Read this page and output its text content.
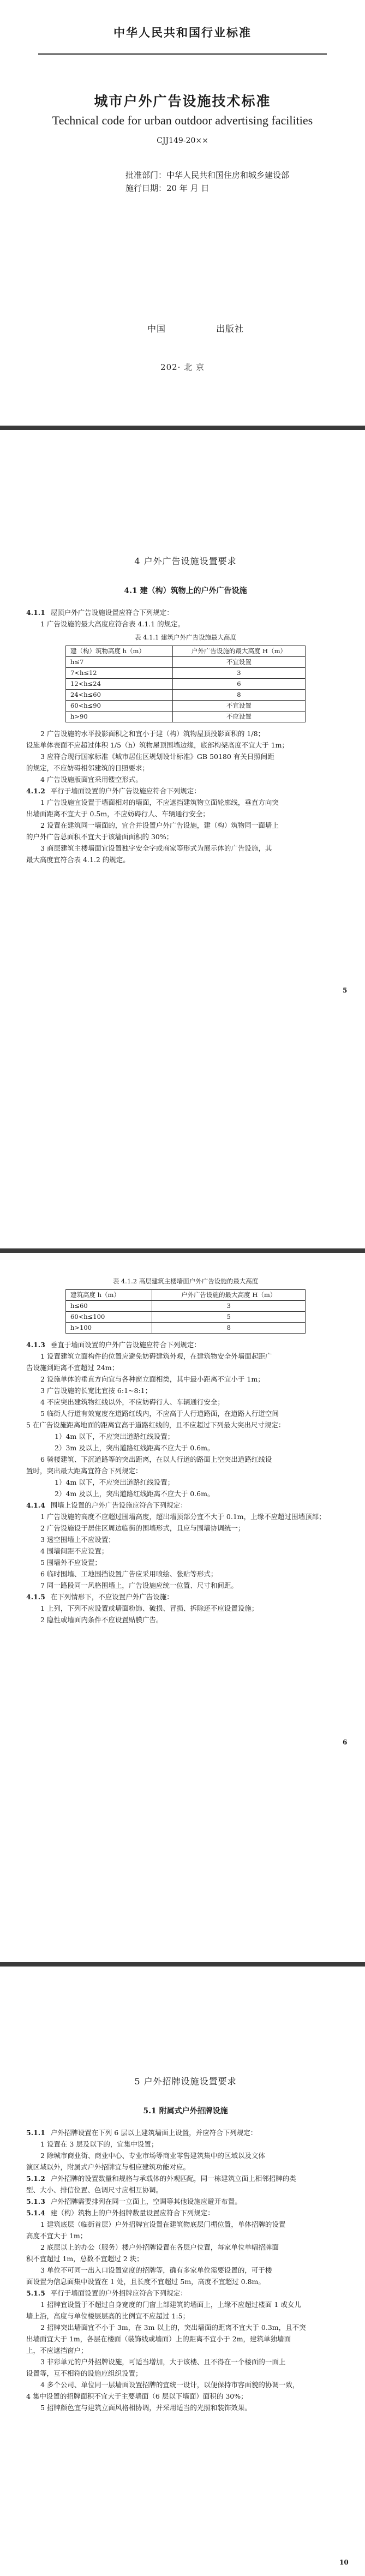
中华人民共和国行业标准
城市户外广告设施技术标准
Technical code for urban outdoor advertising facilities
CJJ149-20××
批准部门：中华人民共和国住房和城乡建设部
施行日期：20 年 月 日
中国	出版社
202· 北 京
4 户外广告设施设置要求
4.1 建（构）筑物上的户外广告设施

4.1.1 屋顶户外广告设施设置应符合下列规定：

1 广告设施的最大高度应符合表 4.1.1 的规定。

表 4.1.1 建筑户外广告设施最大高度
建（构）筑物高度 h（m）	户外广告设施的最大高度 H（m）
h≤7	不宜设置
7<h≤12	3
12<h≤24	6
24<h≤60	8
60<h≤90	不宜设置
h>90	不应设置

2 广告设施的水平投影面积之和宜小于建（构）筑物屋顶投影面积的 1/8；

设施单体表面不应超过体积 1/5（h）筑物屋顶围墙边缘，底部构架高度不宜大于 1m；

3 应符合现行国家标准《城市居住区规划设计标准》GB 50180 有关日照间距

的规定，不应妨碍相邻建筑的日照要求；

4 广告设施版面宜采用镂空形式。

4.1.2 平行于墙面设置的户外广告设施应符合下列规定：

1 广告设施宜设置于墙面相对的墙面，不应遮挡建筑物立面轮廓线，垂直方向突

出墙面距离不宜大于 0.5m，不应妨碍行人、车辆通行安全；

2 设置在建筑同一墙面的，宜合并设置户外广告设施，建（构）筑物同一面墙上

的户外广告总面积不宜大于该墙面面积的 30%；

3 商层建筑主楼墙面宜设置独字安全字或商家等形式为展示体的广告设施，其

最大高度宜符合表 4.1.2 的规定。

5
表 4.1.2 高层建筑主楼墙面户外广告设施的最大高度
建筑高度 h（m）	户外广告设施的最大高度 H（m）
h≤60	3
60<h≤100	5
h>100	8

4.1.3 垂直于墙面设置的户外广告设施应符合下列规定：

1 设置建筑立面构件的位置应避免妨碍建筑外观，在建筑物安全外墙面起距广

告设施到距离不宜超过 24m；

2 设施单体的垂直方向宜与各种窗立面相类，其中最小距离不宜小于 1m；

3 广告设施的长宽比宜按 6:1~8:1；

4 不应突出建筑物红线以外，不应妨碍行人、车辆通行安全；

5 临街人行道有效宽度在道路红线内，不应高于人行道路面，在道路人行道空间

5 在广告设施距离地面的距离宜高于道路红线的，且不应超过下列最大突出尺寸规定：

1）4m 以下，不应突出道路红线设置；

2）3m 及以上，突出道路红线距离不应大于 0.6m。

6 骑楼建筑、下沉道路等的突出距离，在以人行道的路面上空突出道路红线设

置时，突出最大距离宜符合下列规定：

1）4m 以下，不应突出道路红线设置；

2）4m 及以上，突出道路红线距离不应大于 0.6m。

4.1.4 围墙上设置的户外广告设施应符合下列规定：

1 广告设施的高度不应超过围墙高度，超出墙顶部分宜不大于 0.1m，上缘不应超过围墙顶部；

2 广告设施设于居住区周边临街的围墙形式，且应与围墙协调统一；

3 透空围墙上不应设置；

4 围墙间距不应设置；

5 围墙外不应设置；

6 临时围墙、工地围挡设置广告应采用喷绘、张贴等形式；

7 同一路段同一风格围墙上，广告设施应统一位置、尺寸和间距。

4.1.5 在下列情形下，不应设置户外广告设施：

1 上列，下列不应设置或墙面粉饰、破损、冒损、拆除还不应设置设施；

2 隐性或墙面内条件不应设置贴膜广告。

6
5 户外招牌设施设置要求
5.1 附属式户外招牌设施

5.1.1 户外招牌设置在下列 6 层以上建筑墙面上设置，并应符合下列规定：

1 设置在 3 层及以下的，宜集中设置；

2 除城市商业街、商业中心、专业市场等商业零售建筑集中的区域以及文体

演区域以外，附属式户外招牌宜与相应建筑功能对应。

5.1.2 户外招牌的设置数量和规格与承载体的外观匹配，同一栋建筑立面上相邻招牌的类

型、大小、排信位置、色调尺寸应相互协调。

5.1.3 户外招牌需要排列在同一立面上，空调等其他设施应避开布置。

5.1.4 建（构）筑物上的户外招牌数量设置应符合下列规定：

1 建筑底层（临街首层）户外招牌宜设置在建筑物底层门楣位置，单体招牌的设置

高度不宜大于 1m；

2 底层以上的办公（服务）楼户外招牌设置在各层户位置，每家单位单幅招牌面

积不宜超过 1m，总数不宜超过 2 块；

3 单位不可同一出入口设置宽度的招牌等，确有多家单位需要设置的，可于楼

面设置为信息面集中设置在 1 处，且长度不宜超过 5m，高度不宜超过 0.8m。

5.1.5 平行于墙面设置的户外招牌应符合下列规定：

1 招牌宜设置于不超过自身宽度的门窗上部建筑的墙面上，上缘不应超过楼面 1 或女儿

墙上沿，高度与单位楼层层高的比例宜不应超过 1:5；

2 招牌突出墙面宜不小于 3m，在 3m 以上的，突出墙面的距离不宜大于 0.3m，且不突

出墙面宜大于 1m，各层在楼面（装饰线或墙面）上的距离不宜小于 2m，建筑单独墙面

上，不应遮挡窗户；

3 非彩单元的户外招牌设施，可适当增加，大于该楼、且不得在一个楼面的一面上

设置等，互不相符的设施应组织设置；

4 多个公司、单位同一层墙面设置招牌的宜统一设计，以便保持市容面貌的协调一致，

4 集中设置的招牌面积不宜大于主要墙面（6 层以下墙面）面积的 30%；

5 招牌颜色宜与建筑立面风格相协调，并采用适当的光照和装饰效果。

10
